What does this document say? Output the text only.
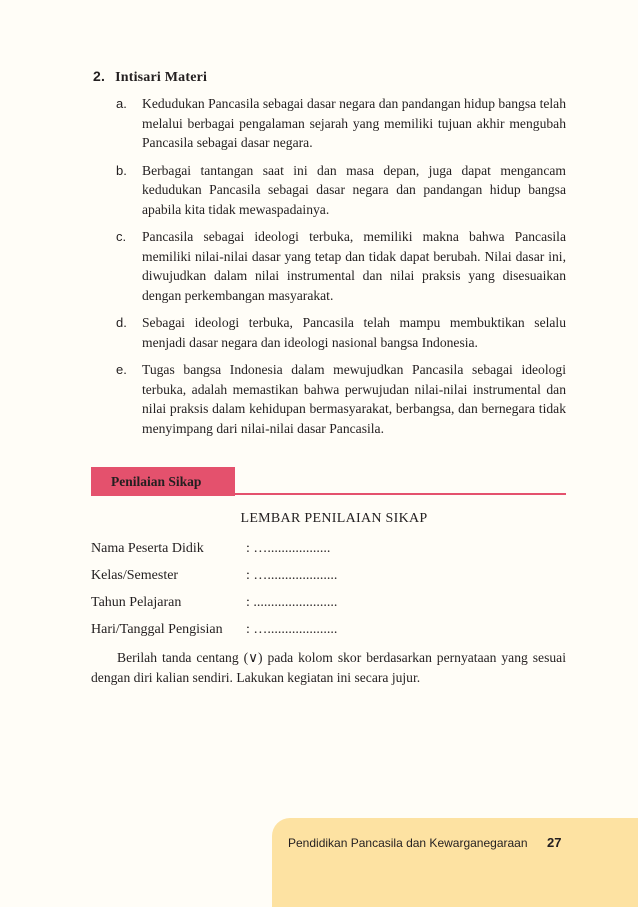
2. Intisari Materi
a.	Kedudukan Pancasila sebagai dasar negara dan pandangan hidup bangsa telah melalui berbagai pengalaman sejarah yang memiliki tujuan akhir mengubah Pancasila sebagai dasar negara.
b.	Berbagai tantangan saat ini dan masa depan, juga dapat mengancam kedudukan Pancasila sebagai dasar negara dan pandangan hidup bangsa apabila kita tidak mewaspadainya.
c.	Pancasila sebagai ideologi terbuka, memiliki makna bahwa Pancasila memiliki nilai-nilai dasar yang tetap dan tidak dapat berubah. Nilai dasar ini, diwujudkan dalam nilai instrumental dan nilai praksis yang disesuaikan dengan perkembangan masyarakat.
d.	Sebagai ideologi terbuka, Pancasila telah mampu membuktikan selalu menjadi dasar negara dan ideologi nasional bangsa Indonesia.
e.	Tugas bangsa Indonesia dalam mewujudkan Pancasila sebagai ideologi terbuka, adalah memastikan bahwa perwujudan nilai-nilai instrumental dan nilai praksis dalam kehidupan bermasyarakat, berbangsa, dan bernegara tidak menyimpang dari nilai-nilai dasar Pancasila.
Penilaian Sikap
LEMBAR PENILAIAN SIKAP
Nama Peserta Didik	: …..................
Kelas/Semester	: …....................
Tahun Pelajaran	: ........................
Hari/Tanggal Pengisian : …....................
Berilah tanda centang (∨) pada kolom skor berdasarkan pernyataan yang sesuai dengan diri kalian sendiri. Lakukan kegiatan ini secara jujur.
Pendidikan Pancasila dan Kewarganegaraan 27
